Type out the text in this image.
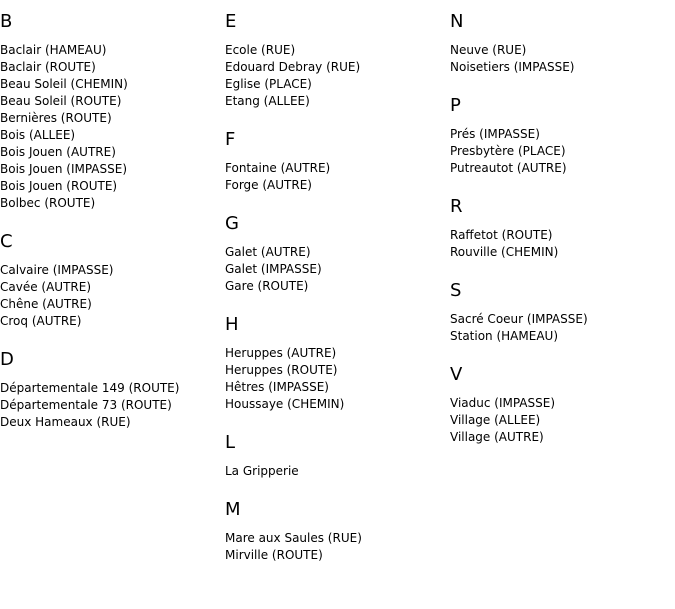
B
Baclair (HAMEAU)
Baclair (ROUTE)
Beau Soleil (CHEMIN)
Beau Soleil (ROUTE)
Bernières (ROUTE)
Bois (ALLEE)
Bois Jouen (AUTRE)
Bois Jouen (IMPASSE)
Bois Jouen (ROUTE)
Bolbec (ROUTE)
C
Calvaire (IMPASSE)
Cavée (AUTRE)
Chêne (AUTRE)
Croq (AUTRE)
D
Départementale 149 (ROUTE)
Départementale 73 (ROUTE)
Deux Hameaux (RUE)
E
Ecole (RUE)
Edouard Debray (RUE)
Eglise (PLACE)
Etang (ALLEE)
F
Fontaine (AUTRE)
Forge (AUTRE)
G
Galet (AUTRE)
Galet (IMPASSE)
Gare (ROUTE)
H
Heruppes (AUTRE)
Heruppes (ROUTE)
Hêtres (IMPASSE)
Houssaye (CHEMIN)
L
La Gripperie
M
Mare aux Saules (RUE)
Mirville (ROUTE)
N
Neuve (RUE)
Noisetiers (IMPASSE)
P
Prés (IMPASSE)
Presbytère (PLACE)
Putreautot (AUTRE)
R
Raffetot (ROUTE)
Rouville (CHEMIN)
S
Sacré Coeur (IMPASSE)
Station (HAMEAU)
V
Viaduc (IMPASSE)
Village (ALLEE)
Village (AUTRE)
